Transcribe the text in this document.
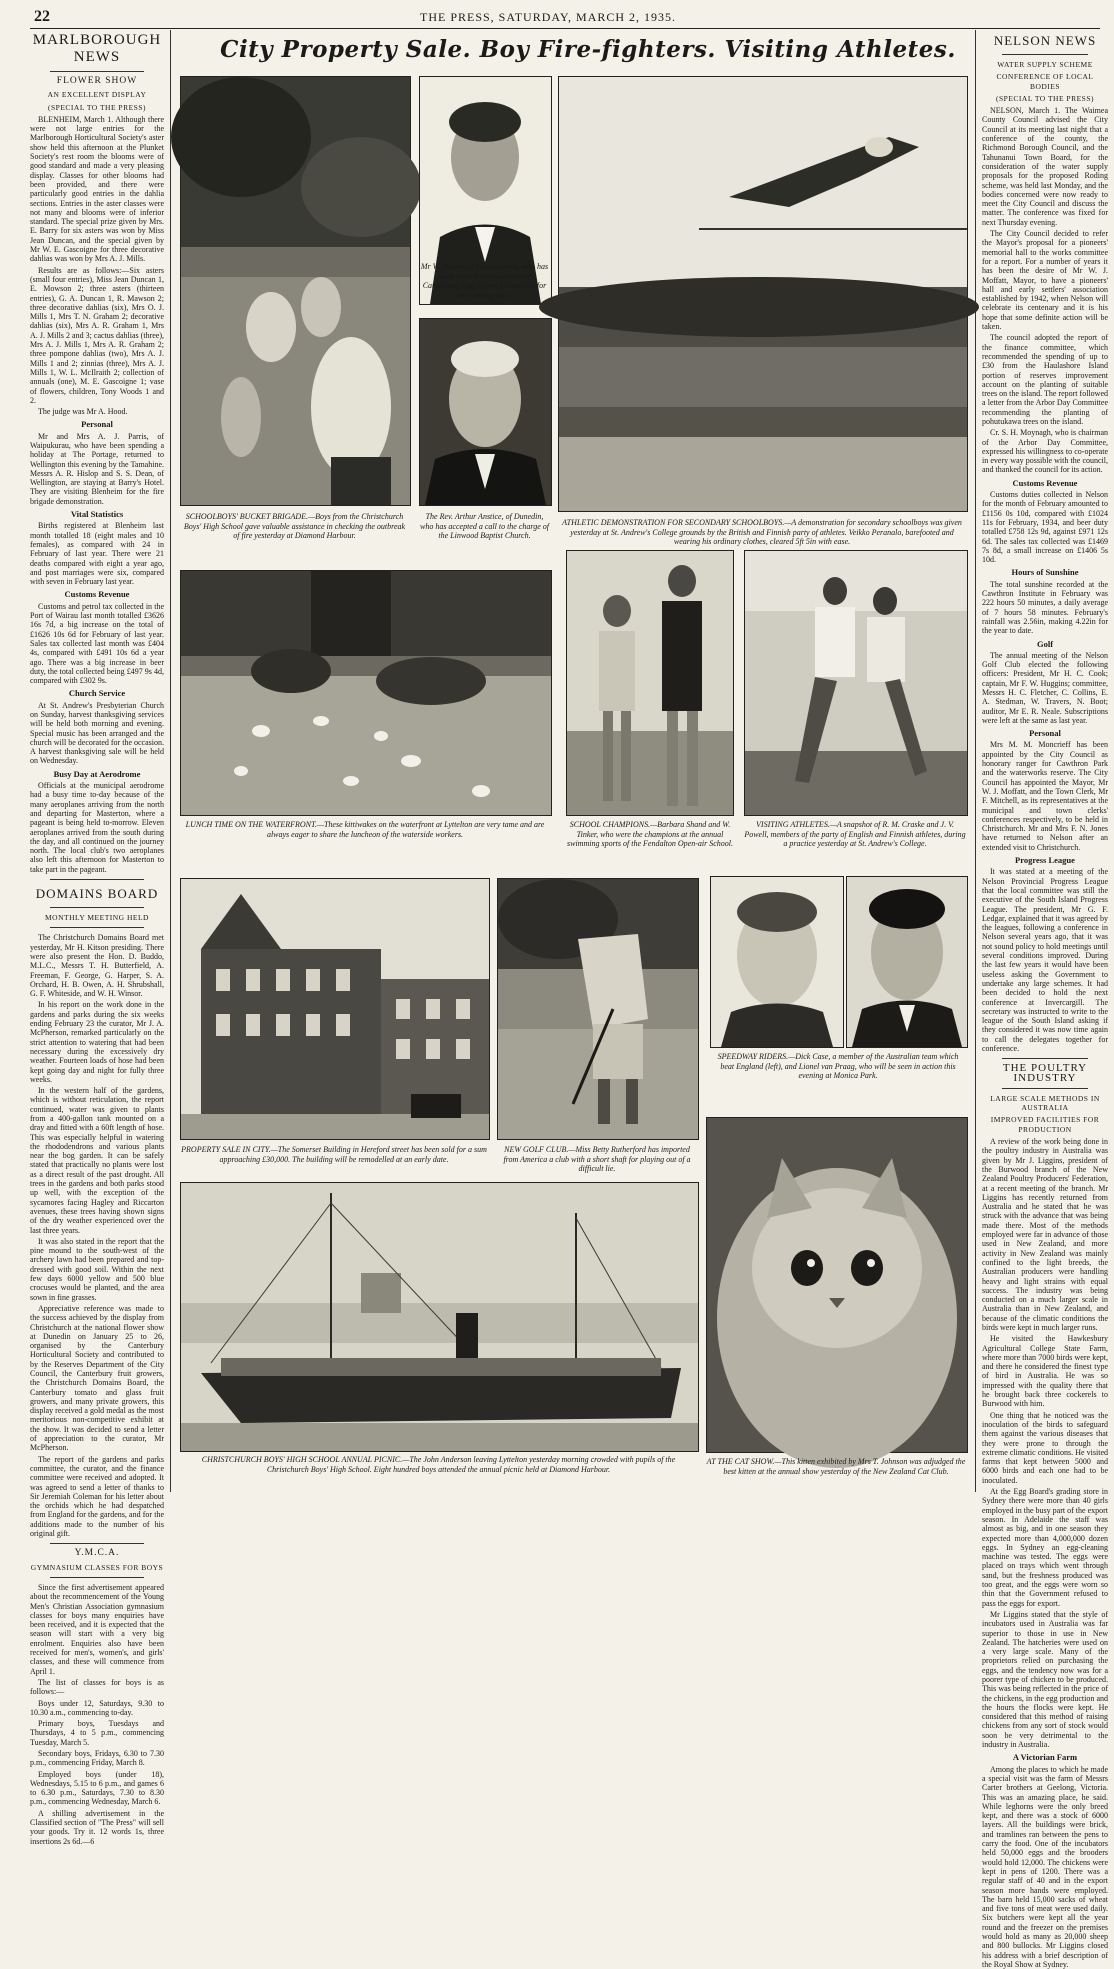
22	THE PRESS, SATURDAY, MARCH 2, 1935.
MARLBOROUGH NEWS
FLOWER SHOW
AN EXCELLENT DISPLAY
(SPECIAL TO THE PRESS)

BLENHEIM, March 1. Although there were not large entries for the Marlborough Horticultural Society's aster show held this afternoon at the Plunket Society's rest room the blooms were of good standard and made a very pleasing display. Classes for other blooms had been provided, and there were particularly good entries in the dahlia sections. Entries in the aster classes were not many and blooms were of inferior standard. The special prize given by Mrs. E. Barry for six asters was won by Miss Jean Duncan, and the special given by Mr W. E. Gascoigne for three decorative dahlias was won by Mrs A. J. Mills.

Results are as follows:—Six asters (small four entries), Miss Jean Duncan 1, E. Mowson 2; three asters (thirteen entries), G. A. Duncan 1, R. Mawson 2; three decorative dahlias (six), Mrs O. J. Mills 1, Mrs T. N. Graham 2; decorative dahlias (six), Mrs A. R. Graham 1, Mrs A. J. Mills 2 and 3; cactus dahlias (three), Mrs A. J. Mills 1, Mrs A. R. Graham 2; three pompone dahlias (two), Mrs A. J. Mills 1 and 2; zinnias (three), Mrs A. J. Mills 1, W. L. McIlraith 2; collection of annuals (one), M. E. Gascoigne 1; vase of flowers, children, Tony Woods 1 and 2.

The judge was Mr A. Hood.

Personal

Mr and Mrs A. J. Parris, of Waipukurau, who have been spending a holiday at The Portage, returned to Wellington this evening by the Tamahine. Messrs A. R. Hislop and S. S. Dean, of Wellington, are staying at Barry's Hotel. They are visiting Blenheim for the fire brigade demonstration.

Vital Statistics

Births registered at Blenheim last month totalled 18 (eight males and 10 females), as compared with 24 in February of last year. There were 21 deaths compared with eight a year ago, and post marriages were six, compared with seven in February last year.

Customs Revenue

Customs and petrol tax collected in the Port of Wairau last month totalled £3626 16s 7d, a big increase on the total of £1626 10s 6d for February of last year. Sales tax collected last month was £404 4s, compared with £491 10s 6d a year ago. There was a big increase in beer duty, the total collected being £497 9s 4d, compared with £302 9s.

Church Service

At St. Andrew's Presbyterian Church on Sunday, harvest thanksgiving services will be held both morning and evening. Special music has been arranged and the church will be decorated for the occasion. A harvest thanksgiving sale will be held on Wednesday.

Busy Day at Aerodrome

Officials at the municipal aerodrome had a busy time to-day because of the many aeroplanes arriving from the north and departing for Masterton, where a pageant is being held to-morrow. Eleven aeroplanes arrived from the south during the day, and all continued on the journey north. The local club's two aeroplanes also left this afternoon for Masterton to take part in the pageant.

DOMAINS BOARD
MONTHLY MEETING HELD

The Christchurch Domains Board met yesterday, Mr H. Kitson presiding. There were also present the Hon. D. Buddo, M.L.C., Messrs T. H. Butterfield, A. Freeman, F. George, G. Harper, S. A. Orchard, H. B. Owen, A. H. Shrubshall, G. F. Whiteside, and W. H. Winsor.

In his report on the work done in the gardens and parks during the six weeks ending February 23 the curator, Mr J. A. McPherson, remarked particularly on the strict attention to watering that had been necessary during the excessively dry weather. Fourteen loads of hose had been kept going day and night for fully three weeks.

In the western half of the gardens, which is without reticulation, the report continued, water was given to plants from a 400-gallon tank mounted on a dray and fitted with a 60ft length of hose. This was especially helpful in watering the rhododendrons and various plants near the bog garden. It can be safely stated that practically no plants were lost as a direct result of the past drought. All trees in the gardens and both parks stood up well, with the exception of the sycamores facing Hagley and Riccarton avenues, these trees having shown signs of the dry weather experienced over the last three years.

It was also stated in the report that the pine mound to the south-west of the archery lawn had been prepared and top-dressed with good soil. Within the next few days 6000 yellow and 500 blue crocuses would be planted, and the area sown in fine grasses.

Appreciative reference was made to the success achieved by the display from Christchurch at the national flower show at Dunedin on January 25 to 26, organised by the Canterbury Horticultural Society and contributed to by the Reserves Department of the City Council, the Canterbury fruit growers, the Christchurch Domains Board, the Canterbury tomato and glass fruit growers, and many private growers, this display received a gold medal as the most meritorious non-competitive exhibit at the show. It was decided to send a letter of appreciation to the curator, Mr McPherson.

The report of the gardens and parks committee, the curator, and the finance committee were received and adopted. It was agreed to send a letter of thanks to Sir Jeremiah Coleman for his letter about the orchids which he had despatched from England for the gardens, and for the additions made to the number of his original gift.

Y.M.C.A.
GYMNASIUM CLASSES FOR BOYS

Since the first advertisement appeared about the recommencement of the Young Men's Christian Association gymnasium classes for boys many enquiries have been received, and it is expected that the season will start with a very big enrolment. Enquiries also have been received for men's, women's, and girls' classes, and these will commence from April 1.

The list of classes for boys is as follows:—

Boys under 12, Saturdays, 9.30 to 10.30 a.m., commencing to-day.

Primary boys, Tuesdays and Thursdays, 4 to 5 p.m., commencing Tuesday, March 5.

Secondary boys, Fridays, 6.30 to 7.30 p.m., commencing Friday, March 8.

Employed boys (under 18), Wednesdays, 5.15 to 6 p.m., and games 6 to 6.30 p.m., Saturdays, 7.30 to 8.30 p.m., commencing Wednesday, March 6.

A shilling advertisement in the Classified section of "The Press" will sell your goods. Try it. 12 words 1s, three insertions 2s 6d.—6

City Property Sale. Boy Fire-fighters. Visiting Athletes.
SCHOOLBOYS' BUCKET BRIGADE.—Boys from the Christchurch Boys' High School gave valuable assistance in checking the outbreak of fire yesterday at Diamond Harbour.
Mr W. Turner, of Christchurch, who has been elected chairman of the Canterbury Egg Export Committee for the coming year.
The Rev. Arthur Anstice, of Dunedin, who has accepted a call to the charge of the Linwood Baptist Church.
ATHLETIC DEMONSTRATION FOR SECONDARY SCHOOLBOYS.—A demonstration for secondary schoolboys was given yesterday at St. Andrew's College grounds by the British and Finnish party of athletes. Veikko Peranalo, barefooted and wearing his ordinary clothes, cleared 5ft 5in with ease.
LUNCH TIME ON THE WATERFRONT.—These kittiwakes on the waterfront at Lyttelton are very tame and are always eager to share the luncheon of the waterside workers.
SCHOOL CHAMPIONS.—Barbara Shand and W. Tinker, who were the champions at the annual swimming sports of the Fendalton Open-air School.
VISITING ATHLETES.—A snapshot of R. M. Craske and J. V. Powell, members of the party of English and Finnish athletes, during a practice yesterday at St. Andrew's College.
PROPERTY SALE IN CITY.—The Somerset Building in Hereford street has been sold for a sum approaching £30,000. The building will be remodelled at an early date.
NEW GOLF CLUB.—Miss Betty Rutherford has imported from America a club with a short shaft for playing out of a difficult lie.
SPEEDWAY RIDERS.—Dick Case, a member of the Australian team which beat England (left), and Lionel van Praag, who will be seen in action this evening at Monica Park.
CHRISTCHURCH BOYS' HIGH SCHOOL ANNUAL PICNIC.—The John Anderson leaving Lyttelton yesterday morning crowded with pupils of the Christchurch Boys' High School. Eight hundred boys attended the annual picnic held at Diamond Harbour.
AT THE CAT SHOW.—This kitten exhibited by Mrs T. Johnson was adjudged the best kitten at the annual show yesterday of the New Zealand Cat Club.
NELSON NEWS
WATER SUPPLY SCHEME
CONFERENCE OF LOCAL BODIES
(SPECIAL TO THE PRESS)

NELSON, March 1. The Waimea County Council advised the City Council at its meeting last night that a conference of the county, the Richmond Borough Council, and the Tahunanui Town Board, for the consideration of the water supply proposals for the proposed Roding scheme, was held last Monday, and the bodies concerned were now ready to meet the City Council and discuss the matter. The conference was fixed for next Thursday evening.

The City Council decided to refer the Mayor's proposal for a pioneers' memorial hall to the works committee for a report. For a number of years it has been the desire of Mr W. J. Moffatt, Mayor, to have a pioneers' hall and early settlers' association established by 1942, when Nelson will celebrate its centenary and it is his hope that some definite action will be taken.

The council adopted the report of the finance committee, which recommended the spending of up to £30 from the Haulashore Island portion of reserves improvement account on the planting of suitable trees on the island. The report followed a letter from the Arbor Day Committee recommending the planting of pohutukawa trees on the island.

Cr. S. H. Moynagh, who is chairman of the Arbor Day Committee, expressed his willingness to co-operate in every way possible with the council, and thanked the council for its action.

Customs Revenue

Customs duties collected in Nelson for the month of February amounted to £1156 0s 10d, compared with £1024 11s for February, 1934, and beer duty totalled £758 12s 9d, against £971 12s 6d. The sales tax collected was £1469 7s 8d, a small increase on £1406 5s 10d.

Hours of Sunshine

The total sunshine recorded at the Cawthron Institute in February was 222 hours 50 minutes, a daily average of 7 hours 58 minutes. February's rainfall was 2.56in, making 4.22in for the year to date.

Golf

The annual meeting of the Nelson Golf Club elected the following officers: President, Mr H. C. Cook; captain, Mr F. W. Huggins; committee, Messrs H. C. Fletcher, C. Collins, E. A. Stedman, W. Travers, N. Boot; auditor, Mr E. R. Neale. Subscriptions were left at the same as last year.

Personal

Mrs M. M. Moncrieff has been appointed by the City Council as honorary ranger for Cawthron Park and the waterworks reserve. The City Council has appointed the Mayor, Mr W. J. Moffatt, and the Town Clerk, Mr F. Mitchell, as its representatives at the municipal and town clerks' conferences respectively, to be held in Christchurch. Mr and Mrs F. N. Jones have returned to Nelson after an extended visit to Christchurch.

Progress League

It was stated at a meeting of the Nelson Provincial Progress League that the local committee was still the executive of the South Island Progress League. The president, Mr G. F. Ledgar, explained that it was agreed by the leagues, following a conference in Nelson several years ago, that it was not sound policy to hold meetings until several conditions improved. During the last few years it would have been useless asking the Government to undertake any large schemes. It had been decided to hold the next conference at Invercargill. The secretary was instructed to write to the league of the South Island asking if they considered it was now time again to call the delegates together for conference.

THE POULTRY INDUSTRY
LARGE SCALE METHODS IN AUSTRALIA
IMPROVED FACILITIES FOR PRODUCTION

A review of the work being done in the poultry industry in Australia was given by Mr J. Liggins, president of the Burwood branch of the New Zealand Poultry Producers' Federation, at a recent meeting of the branch. Mr Liggins has recently returned from Australia and he stated that he was struck with the advance that was being made there. Most of the methods employed were far in advance of those used in New Zealand, and more activity in New Zealand was mainly confined to the light breeds, the Australian producers were handling heavy and light strains with equal success. The industry was being conducted on a much larger scale in Australia than in New Zealand, and because of the climatic conditions the birds were kept in much larger runs.

He visited the Hawkesbury Agricultural College State Farm, where more than 7000 birds were kept, and there he considered the finest type of bird in Australia. He was so impressed with the quality there that he brought back three cockerels to Burwood with him.

One thing that he noticed was the inoculation of the birds to safeguard them against the various diseases that they were prone to through the extreme climatic conditions. He visited farms that kept between 5000 and 6000 birds and each one had to be inoculated.

At the Egg Board's grading store in Sydney there were more than 40 girls employed in the busy part of the export season. In Adelaide the staff was almost as big, and in one season they expected more than 4,000,000 dozen eggs. In Sydney an egg-cleaning machine was tested. The eggs were placed on trays which went through sand, but the freshness produced was too great, and the eggs were worn so thin that the Government refused to pass the eggs for export.

Mr Liggins stated that the style of incubators used in Australia was far superior to those in use in New Zealand. The hatcheries were used on a very large scale. Many of the proprietors relied on purchasing the eggs, and the tendency now was for a poorer type of chicken to be produced. This was being reflected in the price of the chickens, in the egg production and the hours the flocks were kept. He considered that this method of raising chickens from any sort of stock would soon be very detrimental to the industry in Australia.

A Victorian Farm

Among the places to which he made a special visit was the farm of Messrs Carter brothers at Geelong, Victoria. This was an amazing place, he said. While leghorns were the only breed kept, and there was a stock of 6000 layers. All the buildings were brick, and tramlines ran between the pens to carry the food. One of the incubators held 50,000 eggs and the brooders would hold 12,000. The chickens were kept in pens of 1200. There was a regular staff of 40 and in the export season more hands were employed. The barn held 15,000 sacks of wheat and five tons of meat were used daily. Six butchers were kept all the year round and the freezer on the premises would hold as many as 20,000 sheep and 800 bullocks. Mr Liggins closed his address with a brief description of the Royal Show at Sydney.
